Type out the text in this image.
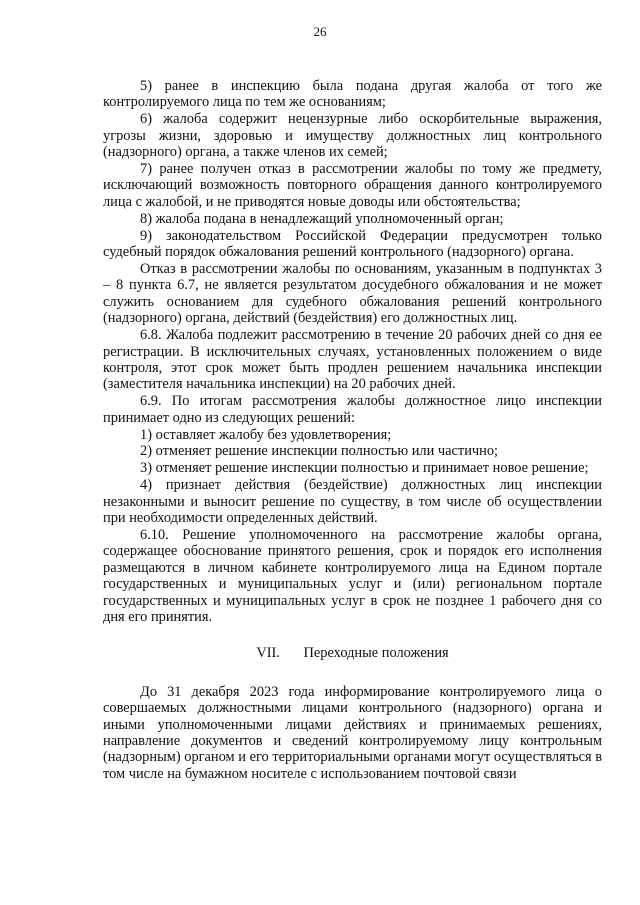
26

5) ранее в инспекцию была подана другая жалоба от того же контролируемого лица по тем же основаниям;

6) жалоба содержит нецензурные либо оскорбительные выражения, угрозы жизни, здоровью и имуществу должностных лиц контрольного (надзорного) органа, а также членов их семей;

7) ранее получен отказ в рассмотрении жалобы по тому же предмету, исключающий возможность повторного обращения данного контролируемого лица с жалобой, и не приводятся новые доводы или обстоятельства;

8) жалоба подана в ненадлежащий уполномоченный орган;

9) законодательством Российской Федерации предусмотрен только судебный порядок обжалования решений контрольного (надзорного) органа.

Отказ в рассмотрении жалобы по основаниям, указанным в подпунктах 3 – 8 пункта 6.7, не является результатом досудебного обжалования и не может служить основанием для судебного обжалования решений контрольного (надзорного) органа, действий (бездействия) его должностных лиц.

6.8. Жалоба подлежит рассмотрению в течение 20 рабочих дней со дня ее регистрации. В исключительных случаях, установленных положением о виде контроля, этот срок может быть продлен решением начальника инспекции (заместителя начальника инспекции) на 20 рабочих дней.

6.9. По итогам рассмотрения жалобы должностное лицо инспекции принимает одно из следующих решений:

1) оставляет жалобу без удовлетворения;

2) отменяет решение инспекции полностью или частично;

3) отменяет решение инспекции полностью и принимает новое решение;

4) признает действия (бездействие) должностных лиц инспекции незаконными и выносит решение по существу, в том числе об осуществлении при необходимости определенных действий.

6.10. Решение уполномоченного на рассмотрение жалобы органа, содержащее обоснование принятого решения, срок и порядок его исполнения размещаются в личном кабинете контролируемого лица на Едином портале государственных и муниципальных услуг и (или) региональном портале государственных и муниципальных услуг в срок не позднее 1 рабочего дня со дня его принятия.

VII. Переходные положения

До 31 декабря 2023 года информирование контролируемого лица о совершаемых должностными лицами контрольного (надзорного) органа и иными уполномоченными лицами действиях и принимаемых решениях, направление документов и сведений контролируемому лицу контрольным (надзорным) органом и его территориальными органами могут осуществляться в том числе на бумажном носителе с использованием почтовой связи
